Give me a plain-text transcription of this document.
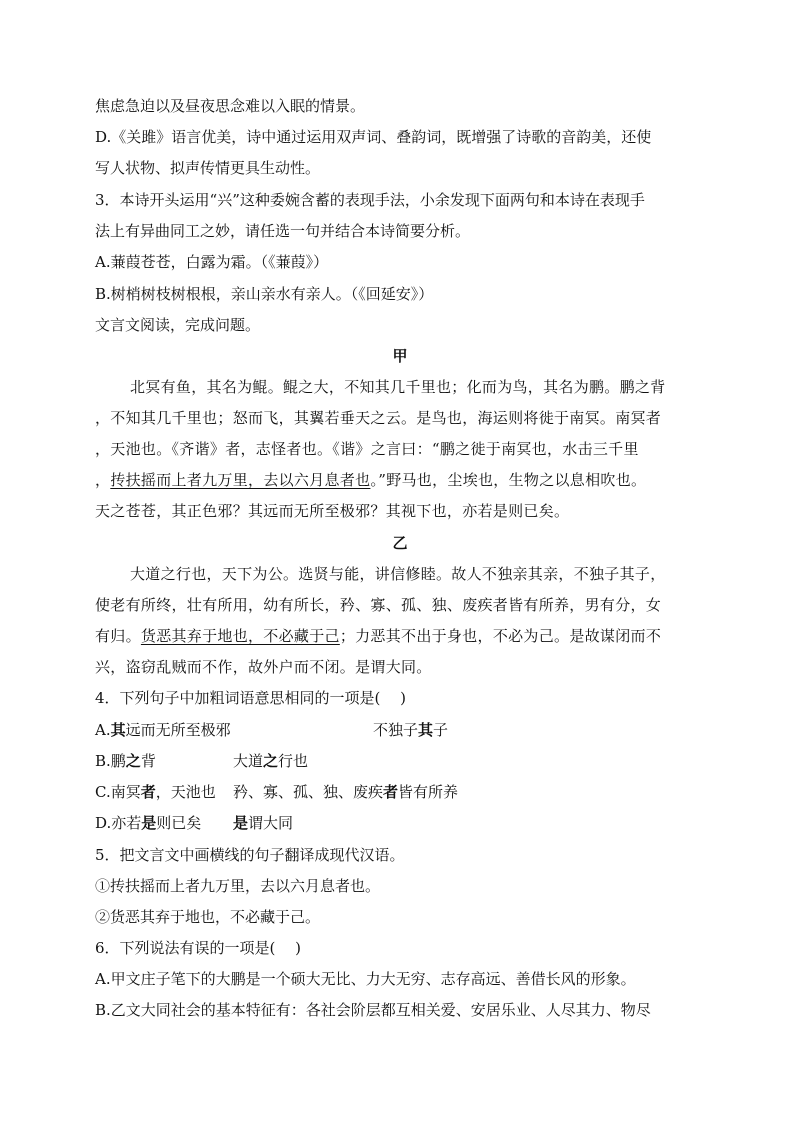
焦虑急迫以及昼夜思念难以入眠的情景。
D.《关雎》语言优美，诗中通过运用双声词、叠韵词，既增强了诗歌的音韵美，还使
写人状物、拟声传情更具生动性。
3．本诗开头运用“兴”这种委婉含蓄的表现手法，小余发现下面两句和本诗在表现手
法上有异曲同工之妙，请任选一句并结合本诗简要分析。
A.蒹葭苍苍，白露为霜。（《蒹葭》）
B.树梢树枝树根根，亲山亲水有亲人。（《回延安》）
文言文阅读，完成问题。
甲
北冥有鱼，其名为鲲。鲲之大，不知其几千里也；化而为鸟，其名为鹏。鹏之背
，不知其几千里也；怒而飞，其翼若垂天之云。是鸟也，海运则将徙于南冥。南冥者
，天池也。《齐谐》者，志怪者也。《谐》之言曰：“鹏之徙于南冥也，水击三千里
，抟扶摇而上者九万里，去以六月息者也。”野马也，尘埃也，生物之以息相吹也。
天之苍苍，其正色邪？其远而无所至极邪？其视下也，亦若是则已矣。
乙
大道之行也，天下为公。选贤与能，讲信修睦。故人不独亲其亲，不独子其子，
使老有所终，壮有所用，幼有所长，矜、寡、孤、独、废疾者皆有所养，男有分，女
有归。货恶其弃于地也，不必藏于己；力恶其不出于身也，不必为己。是故谋闭而不
兴，盗窃乱贼而不作，故外户而不闭。是谓大同。
4．下列句子中加粗词语意思相同的一项是(　 )
A.其远而无所至极邪	不独子其子
B.鹏之背	大道之行也
C.南冥者，天池也 矜、寡、孤、独、废疾者皆有所养
D.亦若是则已矣 是谓大同
5．把文言文中画横线的句子翻译成现代汉语。
①抟扶摇而上者九万里，去以六月息者也。
②货恶其弃于地也，不必藏于己。
6．下列说法有误的一项是(　 )
A.甲文庄子笔下的大鹏是一个硕大无比、力大无穷、志存高远、善借长风的形象。
B.乙文大同社会的基本特征有：各社会阶层都互相关爱、安居乐业、人尽其力、物尽
